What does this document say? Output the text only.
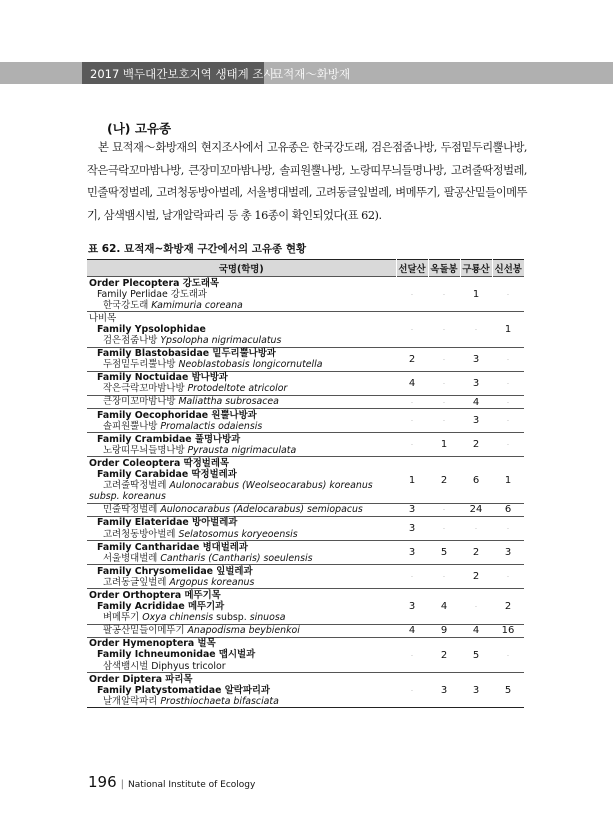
2017 백두대간보호지역 생태계 조사
묘적재～화방재
(나) 고유종
본 묘적재～화방재의 현지조사에서 고유종은 한국강도래, 검은점줌나방, 두점밑두리뿔나방, 작은극락꼬마밤나방, 큰장미꼬마밤나방, 솔피원뿔나방, 노랑띠무늬들명나방, 고려줄딱정벌레, 민줄딱정벌레, 고려청동방아벌레, 서울병대벌레, 고려동글잎벌레, 벼메뚜기, 팔공산밑들이메뚜기, 삼색뱀시벌, 날개알락파리 등 총 16종이 확인되었다(표 62).
표 62. 묘적재~화방재 구간에서의 고유종 현황
국명(학명)	선달산	옥돌봉	구룡산	신선봉

Order Plecoptera 강도래목
Family Perlidae 강도래과
한국강도래 Kamimuria coreana	·	·	1	·

나비목
Family Ypsolophidae
검은점줌나방 Ypsolopha nigrimaculatus	·	·	·	1

Family Blastobasidae 밑두리뿔나방과
두점밑두리뿔나방 Neoblastobasis longicornutella	2	·	3	·

Family Noctuidae 밤나방과
작은극락꼬마밤나방 Protodeltote atricolor	4	·	3	·

큰장미꼬마밤나방 Maliattha subrosacea	·	·	4	·

Family Oecophoridae 원뿔나방과
솔피원뿔나방 Promalactis odaiensis	·	·	3	·

Family Crambidae 풀명나방과
노랑띠무늬들명나방 Pyrausta nigrimaculata	·	1	2	·

Order Coleoptera 딱정벌레목
Family Carabidae 딱정벌레과
고려줄딱정벌레 Aulonocarabus (Weolseocarabus) koreanus
subsp. koreanus	1	2	6	1

민줄딱정벌레 Aulonocarabus (Adelocarabus) semiopacus	3	·	24	6

Family Elateridae 방아벌레과
고려청동방아벌레 Selatosomus koryeoensis	3	·	·	·

Family Cantharidae 병대벌레과
서울병대벌레 Cantharis (Cantharis) soeulensis	3	5	2	3

Family Chrysomelidae 잎벌레과
고려동글잎벌레 Argopus koreanus	·	·	2	·

Order Orthoptera 메뚜기목
Family Acrididae 메뚜기과
벼메뚜기 Oxya chinensis subsp. sinuosa	3	4	·	2

팔공산밑들이메뚜기 Anapodisma beybienkoi	4	9	4	16

Order Hymenoptera 벌목
Family Ichneumonidae 맵시벌과
삼색뱀시벌 Diphyus tricolor	·	2	5	·

Order Diptera 파리목
Family Platystomatidae 알락파리과
날개알락파리 Prosthiochaeta bifasciata	·	3	3	5
196 | National Institute of Ecology
